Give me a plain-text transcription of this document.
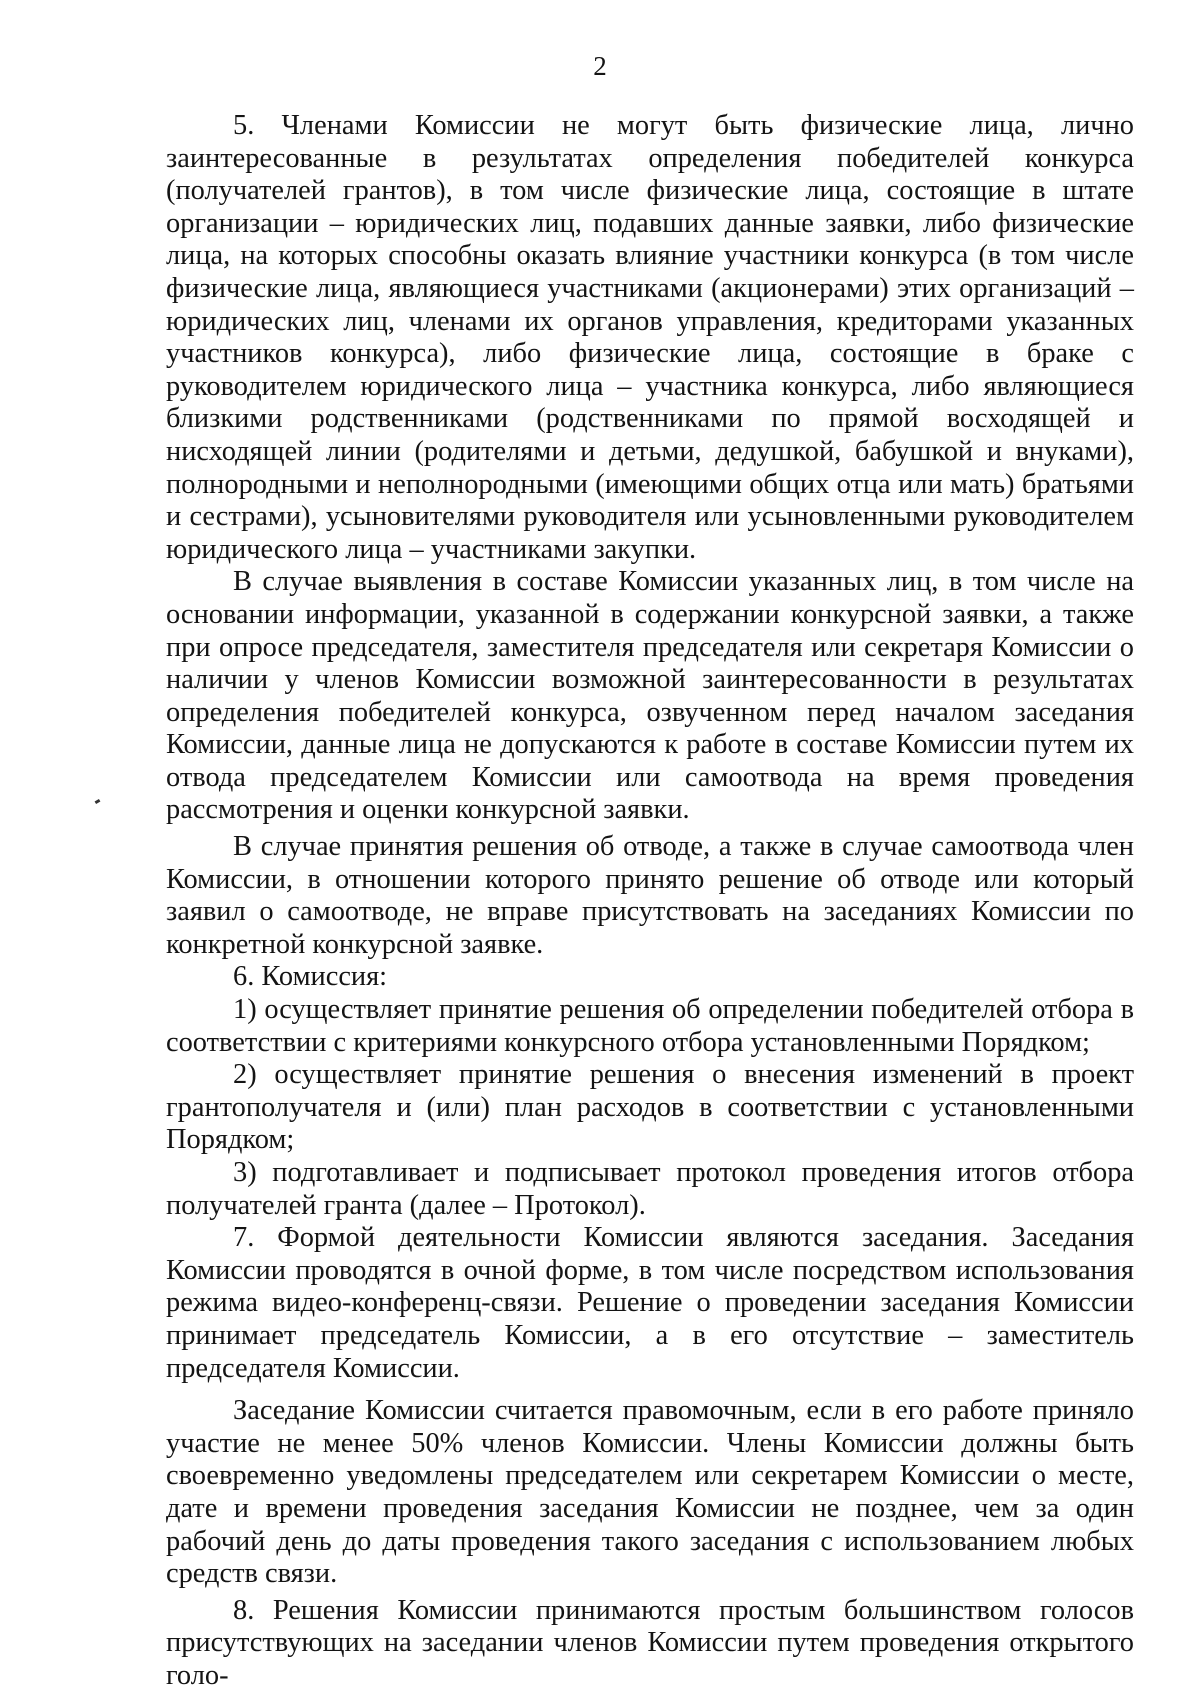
2

5. Членами Комиссии не могут быть физические лица, лично заинтересованные в результатах определения победителей конкурса (получателей грантов), в том числе физические лица, состоящие в штате организации – юридических лиц, подавших данные заявки, либо физические лица, на которых способны оказать влияние участники конкурса (в том числе физические лица, являющиеся участниками (акционерами) этих организаций – юридических лиц, членами их органов управления, кредиторами указанных участников конкурса), либо физические лица, состоящие в браке с руководителем юридического лица – участника конкурса, либо являющиеся близкими родственниками (родственниками по прямой восходящей и нисходящей линии (родителями и детьми, дедушкой, бабушкой и внуками), полнородными и неполнородными (имеющими общих отца или мать) братьями и сестрами), усыновителями руководителя или усыновленными руководителем юридического лица – участниками закупки.

В случае выявления в составе Комиссии указанных лиц, в том числе на основании информации, указанной в содержании конкурсной заявки, а также при опросе председателя, заместителя председателя или секретаря Комиссии о наличии у членов Комиссии возможной заинтересованности в результатах определения победителей конкурса, озвученном перед началом заседания Комиссии, данные лица не допускаются к работе в составе Комиссии путем их отвода председателем Комиссии или самоотвода на время проведения рассмотрения и оценки конкурсной заявки.

В случае принятия решения об отводе, а также в случае самоотвода член Комиссии, в отношении которого принято решение об отводе или который заявил о самоотводе, не вправе присутствовать на заседаниях Комиссии по конкретной конкурсной заявке.

6. Комиссия:

1) осуществляет принятие решения об определении победителей отбора в соответствии с критериями конкурсного отбора установленными Порядком;

2) осуществляет принятие решения о внесения изменений в проект грантополучателя и (или) план расходов в соответствии с установленными Порядком;

3) подготавливает и подписывает протокол проведения итогов отбора получателей гранта (далее – Протокол).

7. Формой деятельности Комиссии являются заседания. Заседания Комиссии проводятся в очной форме, в том числе посредством использования режима видео-конференц-связи. Решение о проведении заседания Комиссии принимает председатель Комиссии, а в его отсутствие – заместитель председателя Комиссии.

Заседание Комиссии считается правомочным, если в его работе приняло участие не менее 50% членов Комиссии. Члены Комиссии должны быть своевременно уведомлены председателем или секретарем Комиссии о месте, дате и времени проведения заседания Комиссии не позднее, чем за один рабочий день до даты проведения такого заседания с использованием любых средств связи.

8. Решения Комиссии принимаются простым большинством голосов присутствующих на заседании членов Комиссии путем проведения открытого голо-
